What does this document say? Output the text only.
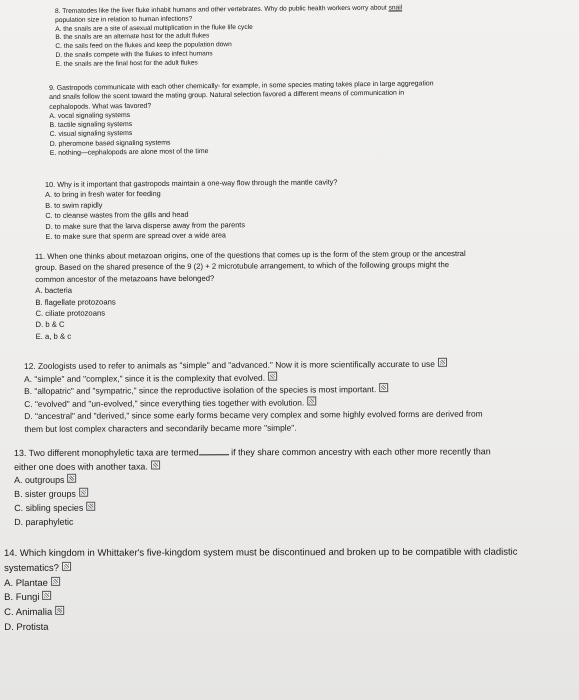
8. Trematodes like the liver fluke inhabit humans and other vertebrates. Why do public health workers worry about snail
population size in relation to human infections?
A. the snails are a site of asexual multiplication in the fluke life cycle
B. the snails are an alternate host for the adult flukes
C. the sails feed on the flukes and keep the population down
D. the snails compete with the flukes to infect humans
E. the snails are the final host for the adult flukes
9. Gastropods communicate with each other chemically- for example, in some species mating takes place in large aggregation
and snails follow the scent toward the mating group. Natural selection favored a different means of communication in
cephalopods. What was favored?
A. vocal signaling systems
B. tactile signaling systems
C. visual signaling systems
D. pheromone based signaling systems
E. nothing—cephalopods are alone most of the time
10. Why is it important that gastropods maintain a one-way flow through the mantle cavity?
A. to bring in fresh water for feeding
B. to swim rapidly
C. to cleanse wastes from the gills and head
D. to make sure that the larva disperse away from the parents
E. to make sure that sperm are spread over a wide area
11. When one thinks about metazoan origins, one of the questions that comes up is the form of the stem group or the ancestral
group. Based on the shared presence of the 9 (2) + 2 microtubule arrangement, to which of the following groups might the
common ancestor of the metazoans have belonged?
A. bacteria
B. flagellate protozoans
C. ciliate protozoans
D. b & C
E. a, b & c
12. Zoologists used to refer to animals as "simple" and "advanced." Now it is more scientifically accurate to use
A. "simple" and "complex," since it is the complexity that evolved.
B. "allopatric" and "sympatric," since the reproductive isolation of the species is most important.
C. "evolved" and "un-evolved," since everything ties together with evolution.
D. "ancestral" and "derived," since some early forms became very complex and some highly evolved forms are derived from
them but lost complex characters and secondarily became more "simple".
13. Two different monophyletic taxa are termed	if they share common ancestry with each other more recently than
either one does with another taxa.
A. outgroups
B. sister groups
C. sibling species
D. paraphyletic
14. Which kingdom in Whittaker's five-kingdom system must be discontinued and broken up to be compatible with cladistic
systematics?
A. Plantae
B. Fungi
C. Animalia
D. Protista
